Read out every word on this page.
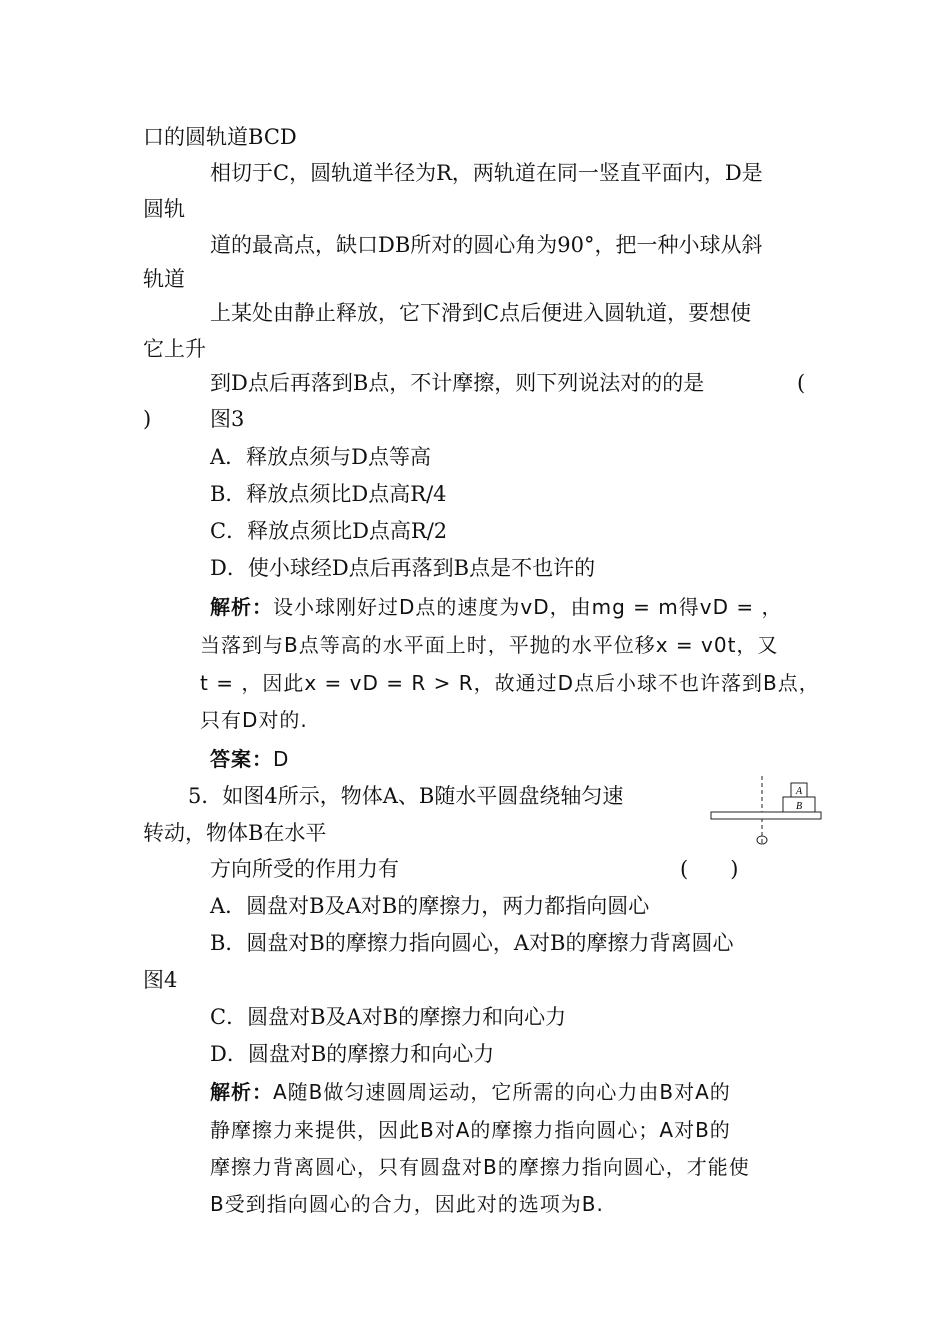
口的圆轨道BCD
相切于C，圆轨道半径为R，两轨道在同一竖直平面内，D是
圆轨
道的最高点，缺口DB所对的圆心角为90°，把一种小球从斜
轨道
上某处由静止释放，它下滑到C点后便进入圆轨道，要想使
它上升
到D点后再落到B点，不计摩擦，则下列说法对的的是	(
)	图3
A．释放点须与D点等高
B．释放点须比D点高R/4
C．释放点须比D点高R/2
D．使小球经D点后再落到B点是不也许的
解析：设小球刚好过D点的速度为vD，由mg = m得vD = ，
当落到与B点等高的水平面上时，平抛的水平位移x = v0t，又
t = ，因此x = vD = R > R，故通过D点后小球不也许落到B点，
只有D对的.
答案：D
5．如图4所示，物体A、B随水平圆盘绕轴匀速
转动，物体B在水平
方向所受的作用力有	(　　)
A
B
A．圆盘对B及A对B的摩擦力，两力都指向圆心
B．圆盘对B的摩擦力指向圆心，A对B的摩擦力背离圆心
图4
C．圆盘对B及A对B的摩擦力和向心力
D．圆盘对B的摩擦力和向心力
解析：A随B做匀速圆周运动，它所需的向心力由B对A的
静摩擦力来提供，因此B对A的摩擦力指向圆心；A对B的
摩擦力背离圆心，只有圆盘对B的摩擦力指向圆心，才能使
B受到指向圆心的合力，因此对的选项为B.
